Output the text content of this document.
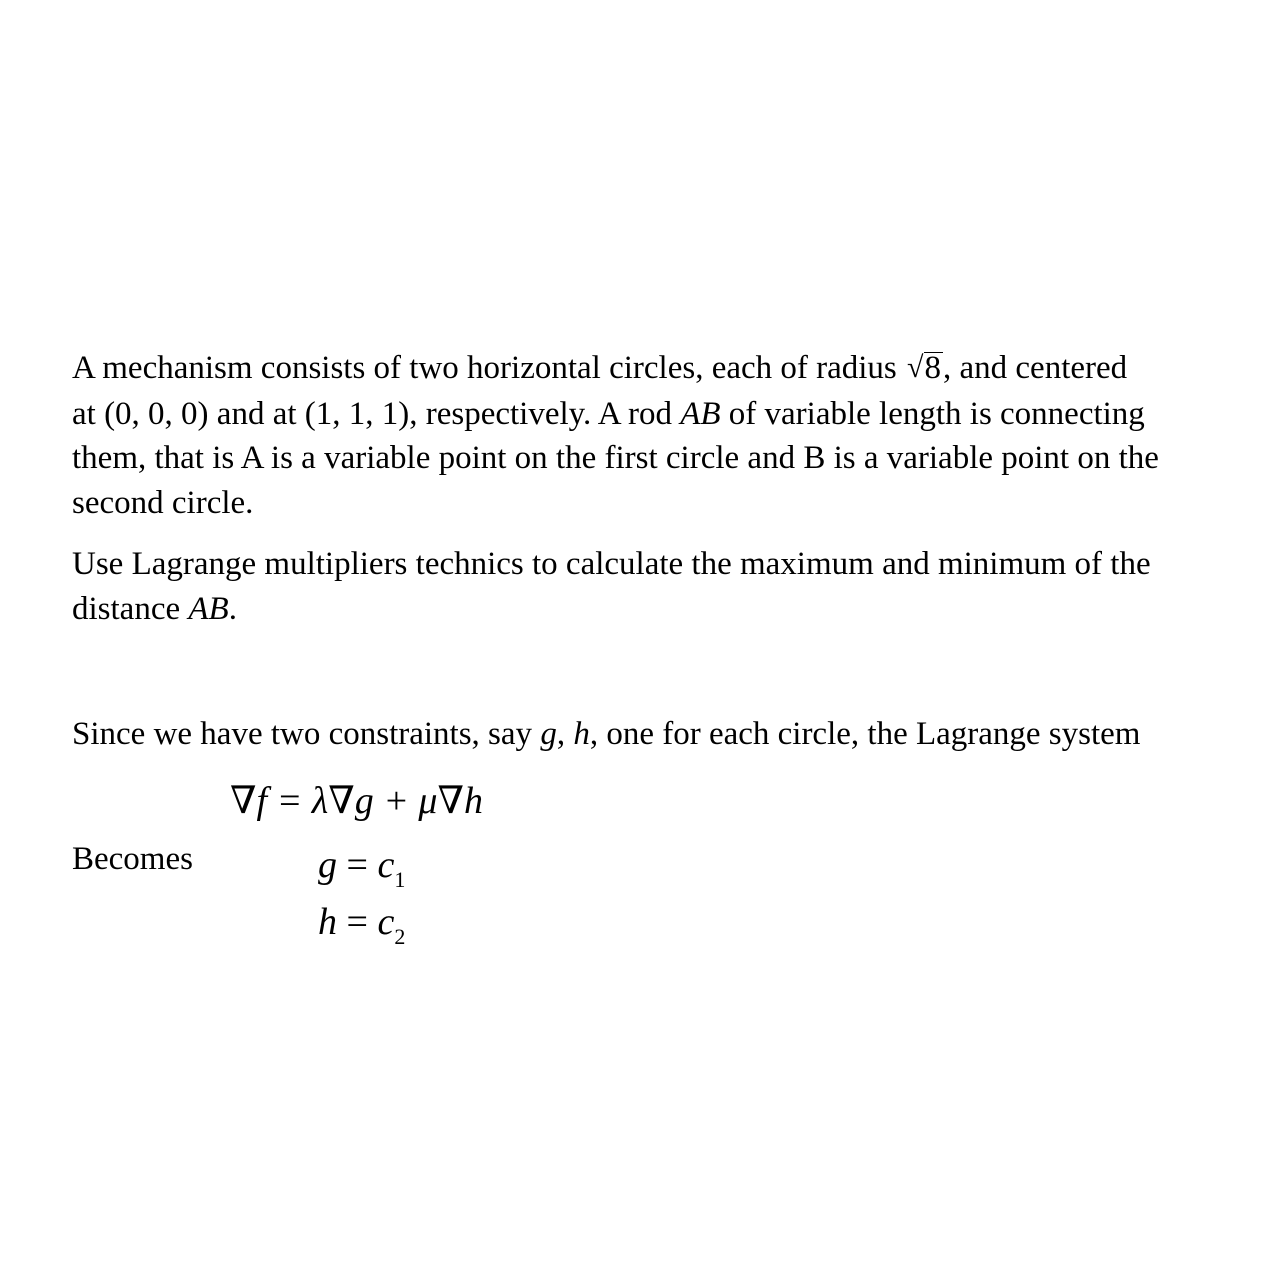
A mechanism consists of two horizontal circles, each of radius √8, and centered
at (0, 0, 0) and at (1, 1, 1), respectively. A rod AB of variable length is connecting
them, that is A is a variable point on the first circle and B is a variable point on the
second circle.

Use Lagrange multipliers technics to calculate the maximum and minimum of the
distance AB.

Since we have two constraints, say g, h, one for each circle, the Lagrange system

∇f = λ∇g + μ∇h

Becomes	$g = c_1$

$h = c_2$
